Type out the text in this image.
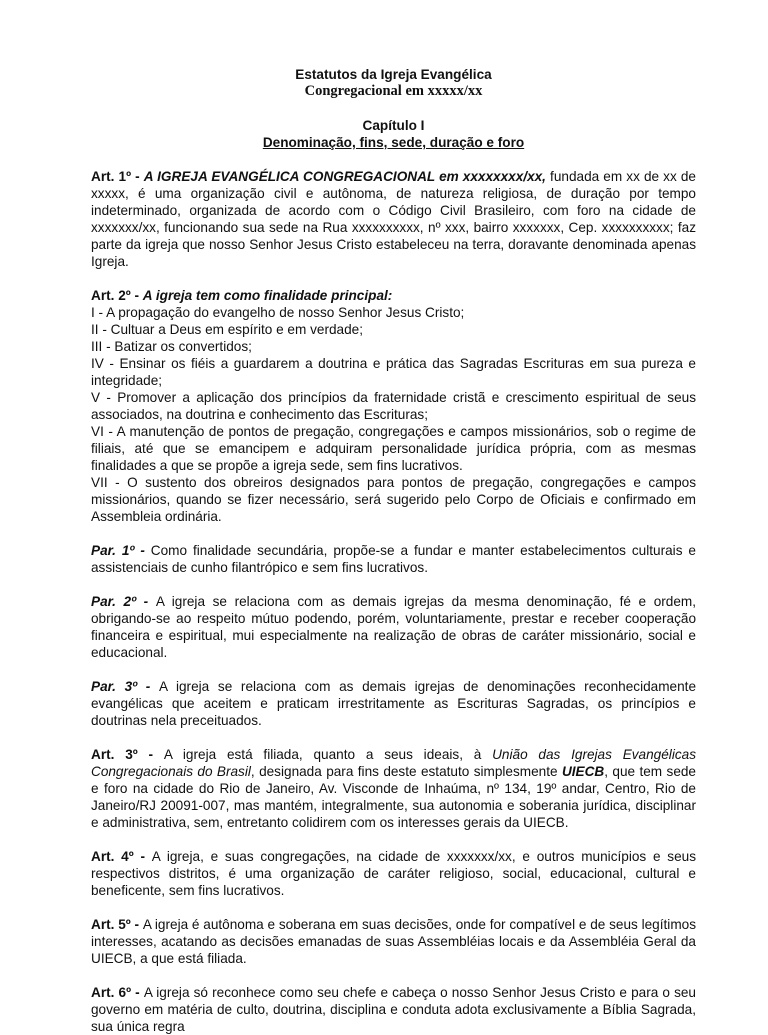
Estatutos da Igreja Evangélica
Congregacional em xxxxx/xx
Capítulo I
Denominação, fins, sede, duração e foro

Art. 1º - A IGREJA EVANGÉLICA CONGREGACIONAL em xxxxxxxx/xx, fundada em xx de xx de xxxxx, é uma organização civil e autônoma, de natureza religiosa, de duração por tempo indeterminado, organizada de acordo com o Código Civil Brasileiro, com foro na cidade de xxxxxxx/xx, funcionando sua sede na Rua xxxxxxxxxx, nº xxx, bairro xxxxxxx, Cep. xxxxxxxxxx; faz parte da igreja que nosso Senhor Jesus Cristo estabeleceu na terra, doravante denominada apenas Igreja.

Art. 2º - A igreja tem como finalidade principal:
I - A propagação do evangelho de nosso Senhor Jesus Cristo;
II - Cultuar a Deus em espírito e em verdade;
III - Batizar os convertidos;
IV - Ensinar os fiéis a guardarem a doutrina e prática das Sagradas Escrituras em sua pureza e integridade;
V - Promover a aplicação dos princípios da fraternidade cristã e crescimento espiritual de seus associados, na doutrina e conhecimento das Escrituras;
VI - A manutenção de pontos de pregação, congregações e campos missionários, sob o regime de filiais, até que se emancipem e adquiram personalidade jurídica própria, com as mesmas finalidades a que se propõe a igreja sede, sem fins lucrativos.
VII - O sustento dos obreiros designados para pontos de pregação, congregações e campos missionários, quando se fizer necessário, será sugerido pelo Corpo de Oficiais e confirmado em Assembleia ordinária.

Par. 1º - Como finalidade secundária, propõe-se a fundar e manter estabelecimentos culturais e assistenciais de cunho filantrópico e sem fins lucrativos.

Par. 2º - A igreja se relaciona com as demais igrejas da mesma denominação, fé e ordem, obrigando-se ao respeito mútuo podendo, porém, voluntariamente, prestar e receber cooperação financeira e espiritual, mui especialmente na realização de obras de caráter missionário, social e educacional.

Par. 3º - A igreja se relaciona com as demais igrejas de denominações reconhecidamente evangélicas que aceitem e praticam irrestritamente as Escrituras Sagradas, os princípios e doutrinas nela preceituados.

Art. 3º - A igreja está filiada, quanto a seus ideais, à União das Igrejas Evangélicas Congregacionais do Brasil, designada para fins deste estatuto simplesmente UIECB, que tem sede e foro na cidade do Rio de Janeiro, Av. Visconde de Inhaúma, nº 134, 19º andar, Centro, Rio de Janeiro/RJ 20091-007, mas mantém, integralmente, sua autonomia e soberania jurídica, disciplinar e administrativa, sem, entretanto colidirem com os interesses gerais da UIECB.

Art. 4º - A igreja, e suas congregações, na cidade de xxxxxxx/xx, e outros municípios e seus respectivos distritos, é uma organização de caráter religioso, social, educacional, cultural e beneficente, sem fins lucrativos.

Art. 5º - A igreja é autônoma e soberana em suas decisões, onde for compatível e de seus legítimos interesses, acatando as decisões emanadas de suas Assembléias locais e da Assembléia Geral da UIECB, a que está filiada.

Art. 6º - A igreja só reconhece como seu chefe e cabeça o nosso Senhor Jesus Cristo e para o seu governo em matéria de culto, doutrina, disciplina e conduta adota exclusivamente a Bíblia Sagrada, sua única regra
